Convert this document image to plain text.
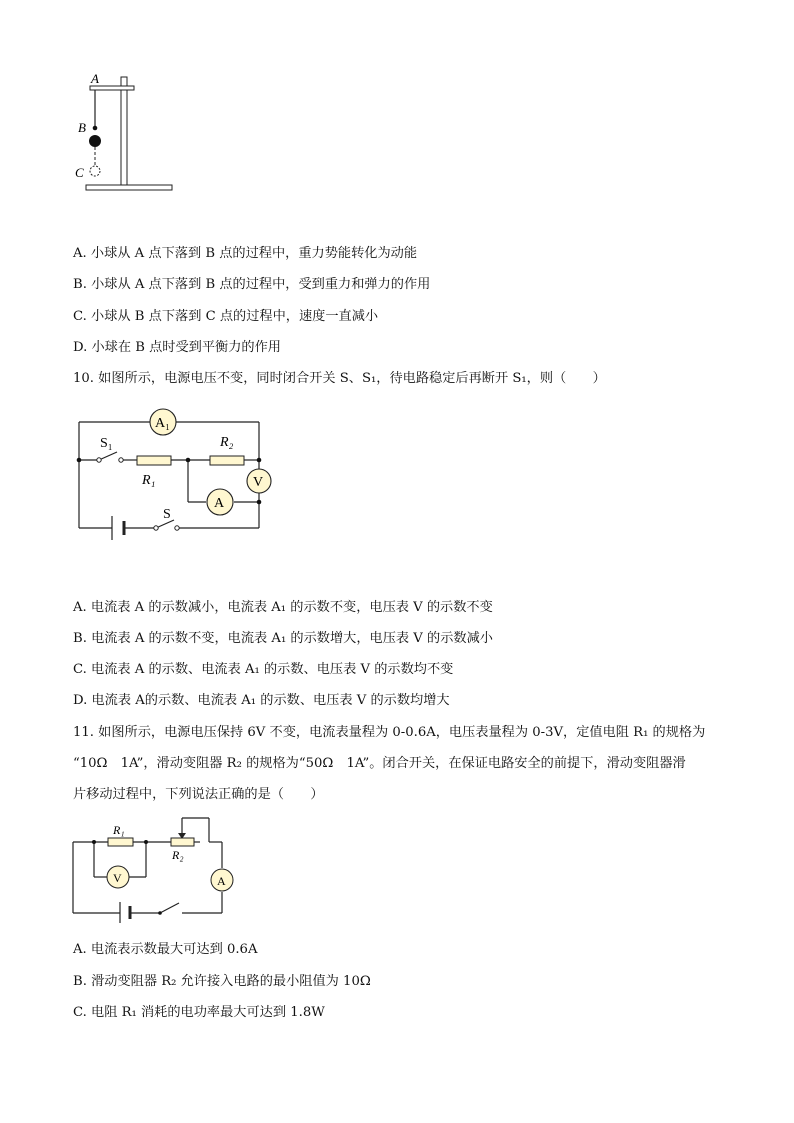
A
B
C
A. 小球从 A 点下落到 B 点的过程中，重力势能转化为动能
B. 小球从 A 点下落到 B 点的过程中，受到重力和弹力的作用
C. 小球从 B 点下落到 C 点的过程中，速度一直减小
D. 小球在 B 点时受到平衡力的作用
10. 如图所示，电源电压不变，同时闭合开关 S、S₁，待电路稳定后再断开 S₁，则（　　）
A₁
V
A
S₁	R₂
R₁
S
A. 电流表 A 的示数减小，电流表 A₁ 的示数不变，电压表 V 的示数不变
B. 电流表 A 的示数不变，电流表 A₁ 的示数增大，电压表 V 的示数减小
C. 电流表 A 的示数、电流表 A₁ 的示数、电压表 V 的示数均不变
D. 电流表 A的示数、电流表 A₁ 的示数、电压表 V 的示数均增大
11. 如图所示，电源电压保持 6V 不变，电流表量程为 0-0.6A，电压表量程为 0-3V，定值电阻 R₁ 的规格为
“10Ω　1A”，滑动变阻器 R₂ 的规格为“50Ω　1A”。闭合开关，在保证电路安全的前提下，滑动变阻器滑
片移动过程中，下列说法正确的是（　　）
V	A
R₁
R₂
A. 电流表示数最大可达到 0.6A
B. 滑动变阻器 R₂ 允许接入电路的最小阻值为 10Ω
C. 电阻 R₁ 消耗的电功率最大可达到 1.8W
